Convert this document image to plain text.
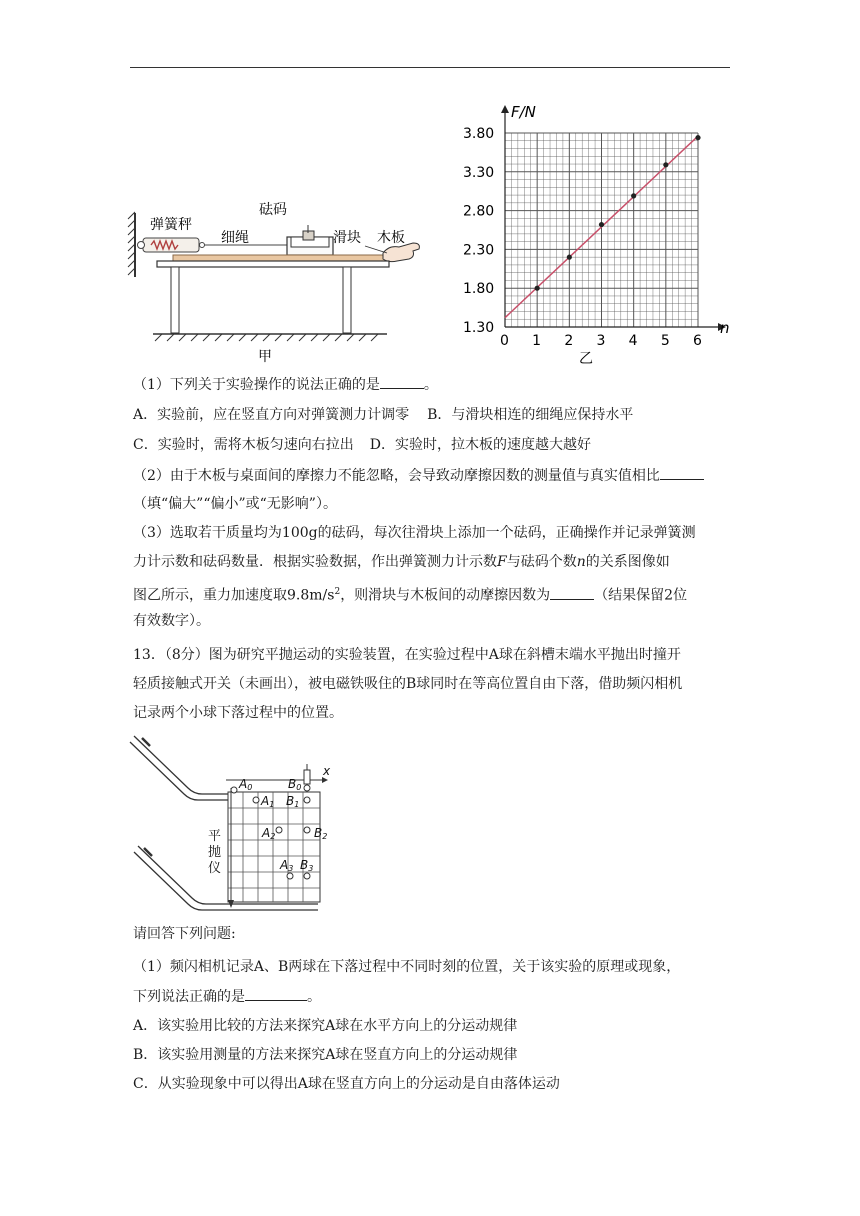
弹簧秤
细绳
砝码
滑块 木板
甲
0 1 2 3 4 5 6
1.30
1.80
2.30
2.80
3.30
3.80
F/N
n
乙
（1）下列关于实验操作的说法正确的是	。
A．实验前，应在竖直方向对弹簧测力计调零 B．与滑块相连的细绳应保持水平
C．实验时，需将木板匀速向右拉出 D．实验时，拉木板的速度越大越好
（2）由于木板与桌面间的摩擦力不能忽略，会导致动摩擦因数的测量值与真实值相比
（填“偏大”“偏小”或“无影响”）。
（3）选取若干质量均为100g的砝码，每次往滑块上添加一个砝码，正确操作并记录弹簧测
力计示数和砝码数量．根据实验数据，作出弹簧测力计示数F与砝码个数n的关系图像如
图乙所示，重力加速度取$9.8m/s^2$，则滑块与木板间的动摩擦因数为	（结果保留2位
有效数字）。
13．（8分）图为研究平抛运动的实验装置，在实验过程中A球在斜槽末端水平抛出时撞开
轻质接触式开关（未画出），被电磁铁吸住的B球同时在等高位置自由下落，借助频闪相机
记录两个小球下落过程中的位置。
A0	B0
x
A1 B1
A2	B2
A3 B3
平
抛
仪
请回答下列问题:
（1）频闪相机记录A、B两球在下落过程中不同时刻的位置，关于该实验的原理或现象，
下列说法正确的是	。
A．该实验用比较的方法来探究A球在水平方向上的分运动规律
B．该实验用测量的方法来探究A球在竖直方向上的分运动规律
C．从实验现象中可以得出A球在竖直方向上的分运动是自由落体运动
